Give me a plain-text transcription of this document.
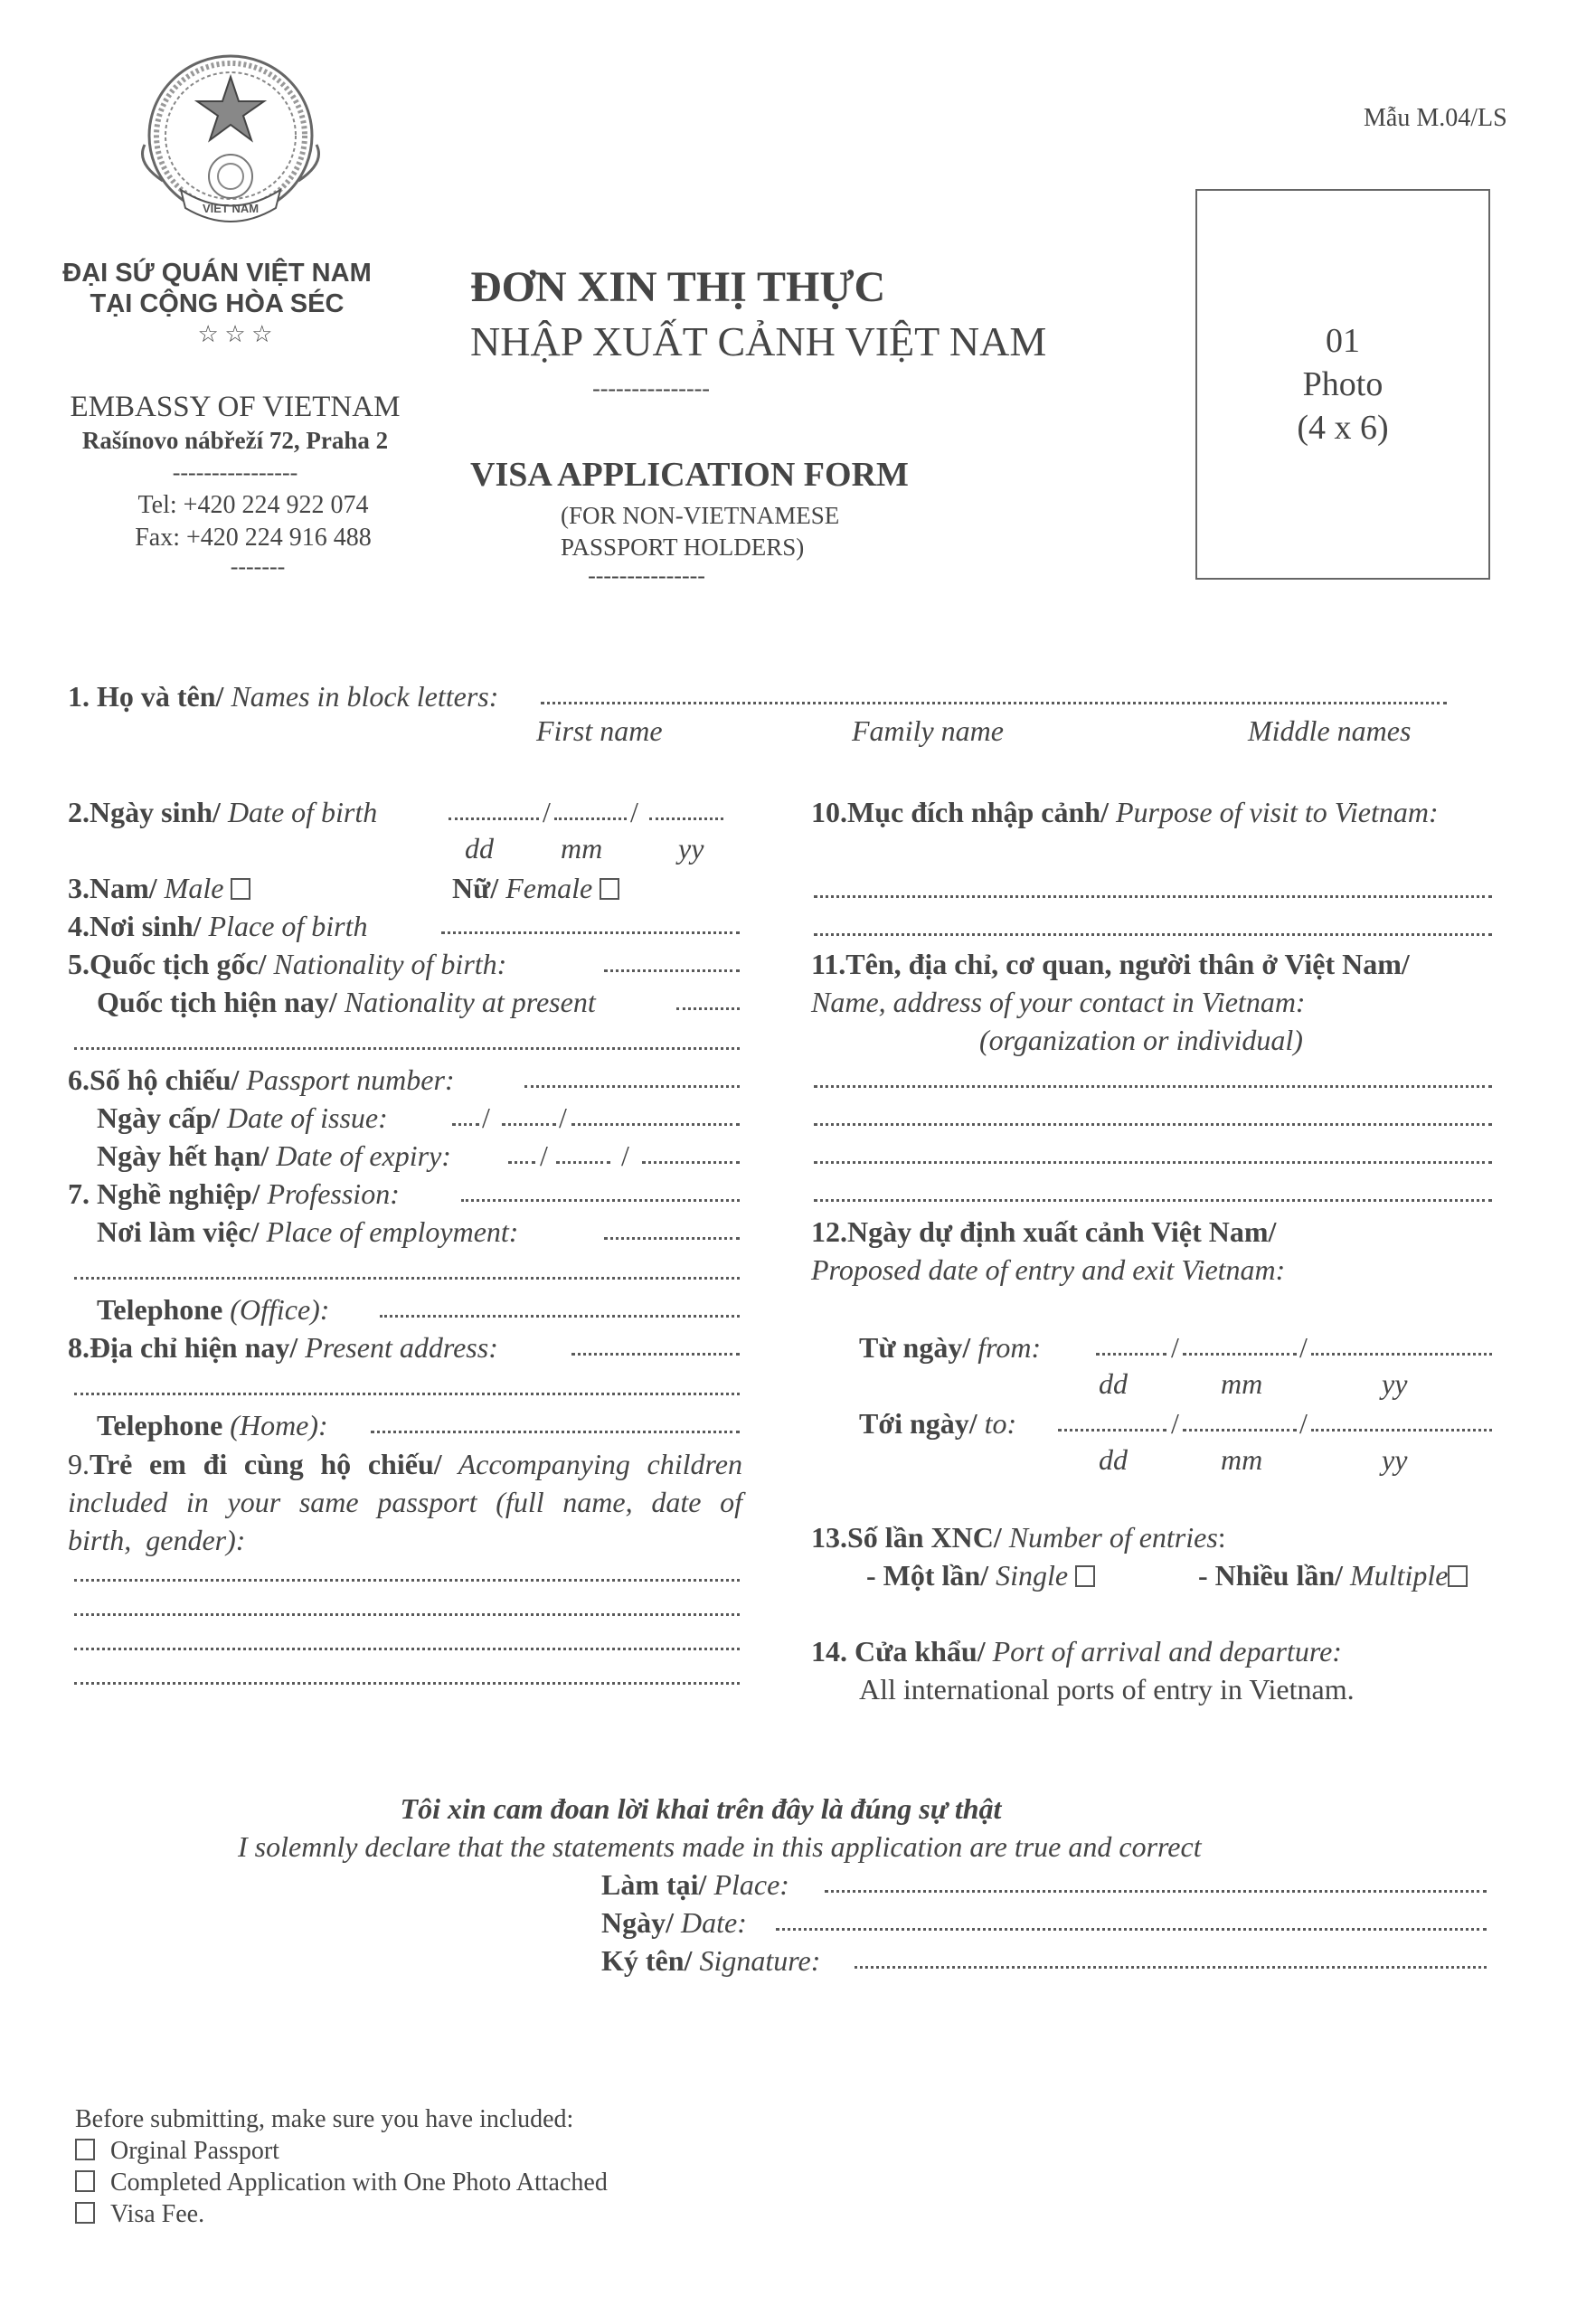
VIET NAM
ĐẠI SỨ QUÁN VIỆT NAM
TẠI CỘNG HÒA SÉC
☆ ☆ ☆
EMBASSY OF VIETNAM
Rašínovo nábřeží 72, Praha 2
----------------
Tel: +420 224 922 074
Fax: +420 224 916 488
-------
Mẫu M.04/LS
ĐƠN XIN THỊ THỰC
NHẬP XUẤT CẢNH VIỆT NAM
---------------
VISA APPLICATION FORM
(FOR NON-VIETNAMESE
PASSPORT HOLDERS)
---------------
01
Photo
(4 x 6)
1. Họ và tên/ Names in block letters:
First name	Family name	Middle names
2.Ngày sinh/ Date of birth	/	/
dd mm	yy
3.Nam/ Male	Nữ/ Female
4.Nơi sinh/ Place of birth
5.Quốc tịch gốc/ Nationality of birth:
Quốc tịch hiện nay/ Nationality at present
6.Số hộ chiếu/ Passport number:
Ngày cấp/ Date of issue:	/ /
Ngày hết hạn/ Date of expiry:	/	/
7. Nghề nghiệp/ Profession:
Nơi làm việc/ Place of employment:
Telephone (Office):
8.Địa chỉ hiện nay/ Present address:
Telephone (Home):
9.Trẻ em đi cùng hộ chiếu/ Accompanying children included in your same passport (full name, date of birth, gender):
10.Mục đích nhập cảnh/ Purpose of visit to Vietnam:
11.Tên, địa chỉ, cơ quan, người thân ở Việt Nam/
Name, address of your contact in Vietnam:
(organization or individual)
12.Ngày dự định xuất cảnh Việt Nam/
Proposed date of entry and exit Vietnam:
Từ ngày/ from:	/	/
dd	mm	yy
Tới ngày/ to:	/	/
dd	mm	yy
13.Số lần XNC/ Number of entries:
- Một lần/ Single	- Nhiều lần/ Multiple
14. Cửa khẩu/ Port of arrival and departure:
All international ports of entry in Vietnam.
Tôi xin cam đoan lời khai trên đây là đúng sự thật
I solemnly declare that the statements made in this application are true and correct
Làm tại/ Place:
Ngày/ Date:
Ký tên/ Signature:
Before submitting, make sure you have included:
Orginal Passport
Completed Application with One Photo Attached
Visa Fee.
